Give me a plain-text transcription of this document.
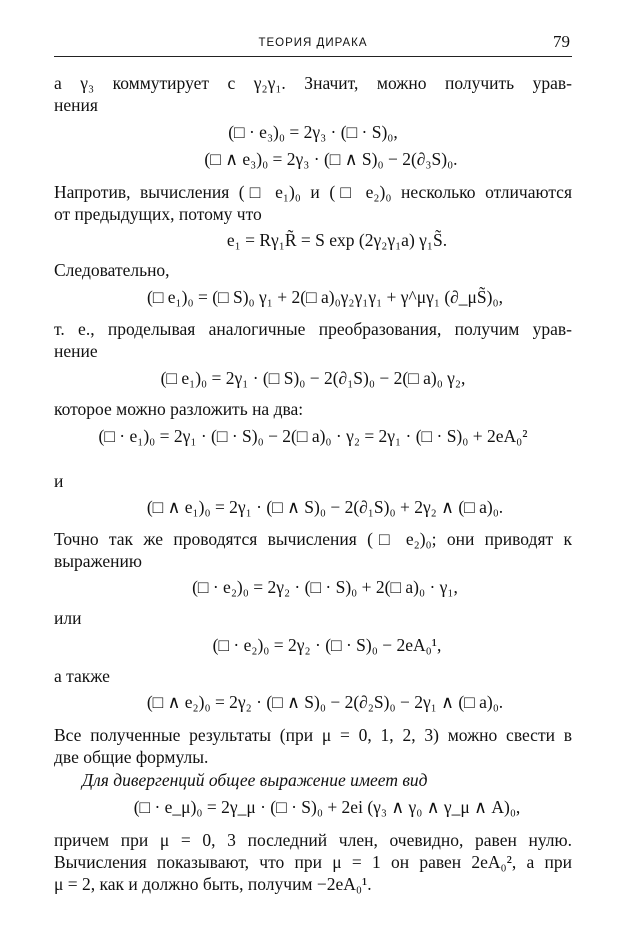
ТЕОРИЯ ДИРАКА	79
а γ₃ коммутирует с γ₂γ₁. Значит, можно получить урав-
нения
(□ · e₃)₀ = 2γ₃ · (□ · S)₀,
(□ ∧ e₃)₀ = 2γ₃ · (□ ∧ S)₀ − 2(∂₃S)₀.
Напротив, вычисления (□ e₁)₀ и (□ e₂)₀ несколько отличаются
от предыдущих, потому что
e₁ = Rγ₁R̃ = S exp (2γ₂γ₁a) γ₁S̃.
Следовательно,
(□ e₁)₀ = (□ S)₀ γ₁ + 2(□ a)₀γ₂γ₁γ₁ + γ^μγ₁ (∂_μS̃)₀,
т. е., проделывая аналогичные преобразования, получим урав-
нение
(□ e₁)₀ = 2γ₁ · (□ S)₀ − 2(∂₁S)₀ − 2(□ a)₀ γ₂,
которое можно разложить на два:
(□ · e₁)₀ = 2γ₁ · (□ · S)₀ − 2(□ a)₀ · γ₂ = 2γ₁ · (□ · S)₀ + 2eA₀²
и
(□ ∧ e₁)₀ = 2γ₁ · (□ ∧ S)₀ − 2(∂₁S)₀ + 2γ₂ ∧ (□ a)₀.
Точно так же проводятся вычисления (□ e₂)₀; они приводят к
выражению
(□ · e₂)₀ = 2γ₂ · (□ · S)₀ + 2(□ a)₀ · γ₁,
или
(□ · e₂)₀ = 2γ₂ · (□ · S)₀ − 2eA₀¹,
а также
(□ ∧ e₂)₀ = 2γ₂ · (□ ∧ S)₀ − 2(∂₂S)₀ − 2γ₁ ∧ (□ a)₀.
Все полученные результаты (при μ = 0, 1, 2, 3) можно свести в
две общие формулы.
Для дивергенций общее выражение имеет вид
(□ · e_μ)₀ = 2γ_μ · (□ · S)₀ + 2ei (γ₃ ∧ γ₀ ∧ γ_μ ∧ A)₀,
причем при μ = 0, 3 последний член, очевидно, равен нулю.
Вычисления показывают, что при μ = 1 он равен 2eA₀², а при
μ = 2, как и должно быть, получим −2eA₀¹.
